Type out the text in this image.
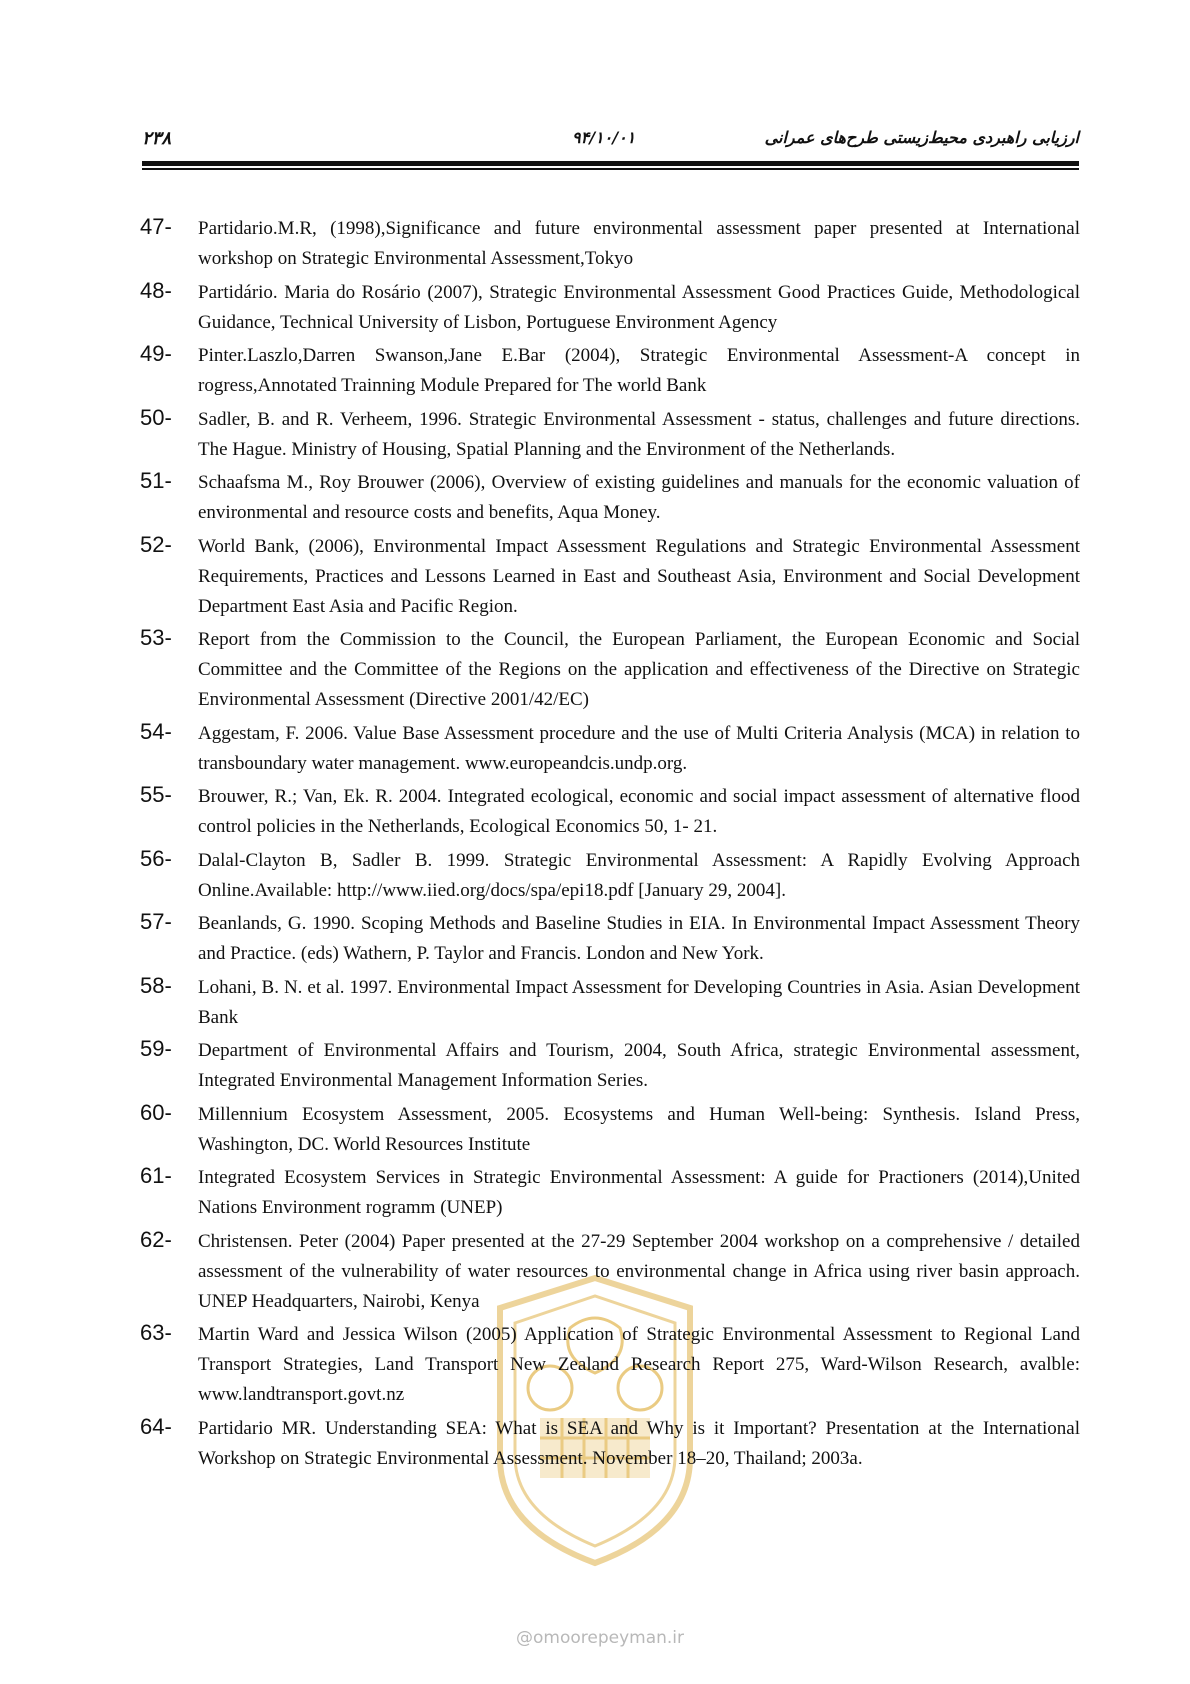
۲۳۸	۹۴/۱۰/۰۱	ارزیابی راهبردی محیط‌زیستی طرح‌های عمرانی
47- Partidario.M.R, (1998),Significance and future environmental assessment paper presented at International workshop on Strategic Environmental Assessment,Tokyo
48- Partidário. Maria do Rosário (2007), Strategic Environmental Assessment Good Practices Guide, Methodological Guidance, Technical University of Lisbon, Portuguese Environment Agency
49- Pinter.Laszlo,Darren Swanson,Jane E.Bar (2004), Strategic Environmental Assessment-A concept in rogress,Annotated Trainning Module Prepared for The world Bank
50- Sadler, B. and R. Verheem, 1996. Strategic Environmental Assessment - status, challenges and future directions. The Hague. Ministry of Housing, Spatial Planning and the Environment of the Netherlands.
51- Schaafsma M., Roy Brouwer (2006), Overview of existing guidelines and manuals for the economic valuation of environmental and resource costs and benefits, Aqua Money.
52- World Bank, (2006), Environmental Impact Assessment Regulations and Strategic Environmental Assessment Requirements, Practices and Lessons Learned in East and Southeast Asia, Environment and Social Development Department East Asia and Pacific Region.
53- Report from the Commission to the Council, the European Parliament, the European Economic and Social Committee and the Committee of the Regions on the application and effectiveness of the Directive on Strategic Environmental Assessment (Directive 2001/42/EC)
54- Aggestam, F. 2006. Value Base Assessment procedure and the use of Multi Criteria Analysis (MCA) in relation to transboundary water management. www.europeandcis.undp.org.
55- Brouwer, R.; Van, Ek. R. 2004. Integrated ecological, economic and social impact assessment of alternative flood control policies in the Netherlands, Ecological Economics 50, 1- 21.
56- Dalal-Clayton B, Sadler B. 1999. Strategic Environmental Assessment: A Rapidly Evolving Approach Online.Available: http://www.iied.org/docs/spa/epi18.pdf [January 29, 2004].
57- Beanlands, G. 1990. Scoping Methods and Baseline Studies in EIA. In Environmental Impact Assessment Theory and Practice. (eds) Wathern, P. Taylor and Francis. London and New York.
58- Lohani, B. N. et al. 1997. Environmental Impact Assessment for Developing Countries in Asia. Asian Development Bank
59- Department of Environmental Affairs and Tourism, 2004, South Africa, strategic Environmental assessment, Integrated Environmental Management Information Series.
60- Millennium Ecosystem Assessment, 2005. Ecosystems and Human Well-being: Synthesis. Island Press, Washington, DC. World Resources Institute
61- Integrated Ecosystem Services in Strategic Environmental Assessment: A guide for Practioners (2014),United Nations Environment rogramm (UNEP)
62- Christensen. Peter (2004) Paper presented at the 27-29 September 2004 workshop on a comprehensive / detailed assessment of the vulnerability of water resources to environmental change in Africa using river basin approach. UNEP Headquarters, Nairobi, Kenya
63- Martin Ward and Jessica Wilson (2005) Application of Strategic Environmental Assessment to Regional Land Transport Strategies, Land Transport New Zealand Research Report 275, Ward-Wilson Research, avalble: www.landtransport.govt.nz
64- Partidario MR. Understanding SEA: What is SEA and Why is it Important? Presentation at the International Workshop on Strategic Environmental Assessment. November 18–20, Thailand; 2003a.
@omoorepeyman.ir
